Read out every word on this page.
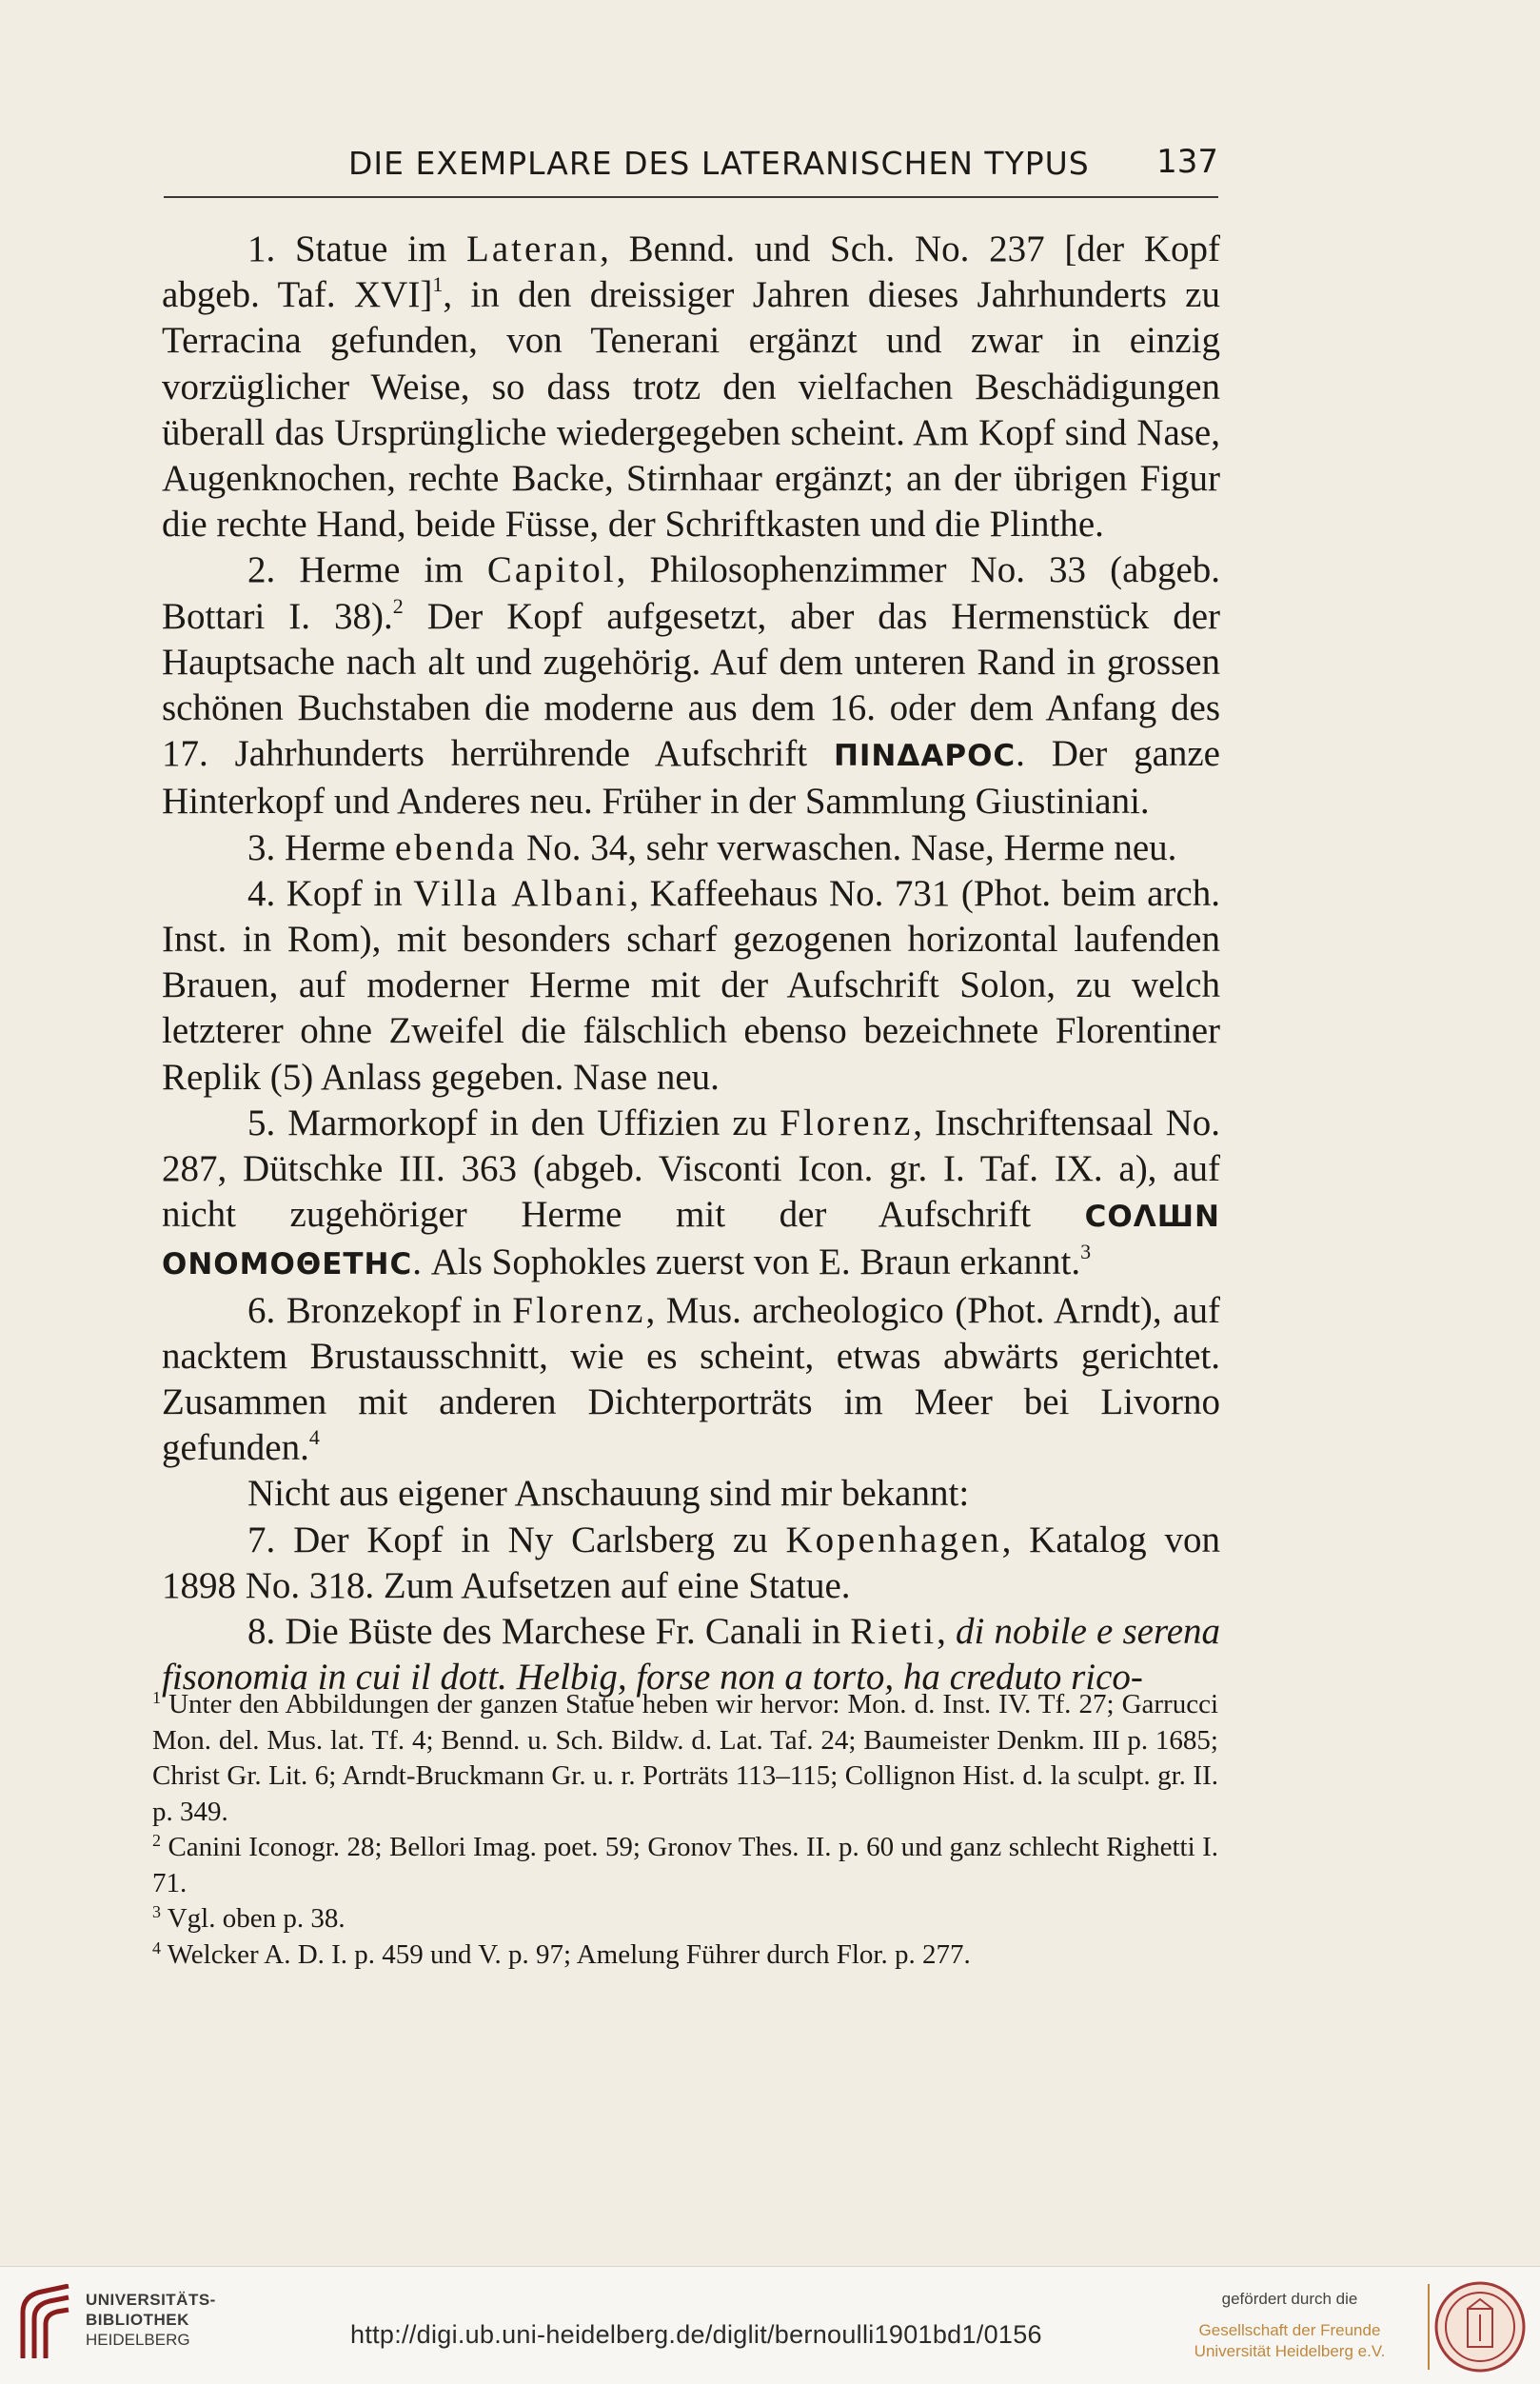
DIE EXEMPLARE DES LATERANISCHEN TYPUS 137

1. Statue im Lateran, Bennd. und Sch. No. 237 [der Kopf abgeb. Taf. XVI]$^1$, in den dreissiger Jahren dieses Jahrhunderts zu Terracina gefunden, von Tenerani ergänzt und zwar in einzig vorzüglicher Weise, so dass trotz den vielfachen Beschädigungen überall das Ursprüngliche wiedergegeben scheint. Am Kopf sind Nase, Augenknochen, rechte Backe, Stirnhaar ergänzt; an der übrigen Figur die rechte Hand, beide Füsse, der Schriftkasten und die Plinthe.

2. Herme im Capitol, Philosophenzimmer No. 33 (abgeb. Bottari I. 38).$^2$ Der Kopf aufgesetzt, aber das Hermenstück der Hauptsache nach alt und zugehörig. Auf dem unteren Rand in grossen schönen Buchstaben die moderne aus dem 16. oder dem Anfang des 17. Jahrhunderts herrührende Aufschrift ΠΙΝΔΑΡΟC. Der ganze Hinterkopf und Anderes neu. Früher in der Sammlung Giustiniani.

3. Herme ebenda No. 34, sehr verwaschen. Nase, Herme neu.

4. Kopf in Villa Albani, Kaffeehaus No. 731 (Phot. beim arch. Inst. in Rom), mit besonders scharf gezogenen horizontal laufenden Brauen, auf moderner Herme mit der Aufschrift Solon, zu welch letzterer ohne Zweifel die fälschlich ebenso bezeichnete Florentiner Replik (5) Anlass gegeben. Nase neu.

5. Marmorkopf in den Uffizien zu Florenz, Inschriftensaal No. 287, Dütschke III. 363 (abgeb. Visconti Icon. gr. I. Taf. IX. a), auf nicht zugehöriger Herme mit der Aufschrift ϹΟΛШΝ ΟΝΟΜΟΘΕΤΗϹ. Als Sophokles zuerst von E. Braun erkannt.$^3$

6. Bronzekopf in Florenz, Mus. archeologico (Phot. Arndt), auf nacktem Brustausschnitt, wie es scheint, etwas abwärts gerichtet. Zusammen mit anderen Dichterporträts im Meer bei Livorno gefunden.$^4$

Nicht aus eigener Anschauung sind mir bekannt:

7. Der Kopf in Ny Carlsberg zu Kopenhagen, Katalog von 1898 No. 318. Zum Aufsetzen auf eine Statue.

8. Die Büste des Marchese Fr. Canali in Rieti, di nobile e serena fisonomia in cui il dott. Helbig, forse non a torto, ha creduto rico-

$^1$ Unter den Abbildungen der ganzen Statue heben wir hervor: Mon. d. Inst. IV. Tf. 27; Garrucci Mon. del. Mus. lat. Tf. 4; Bennd. u. Sch. Bildw. d. Lat. Taf. 24; Baumeister Denkm. III p. 1685; Christ Gr. Lit. 6; Arndt-Bruckmann Gr. u. r. Porträts 113–115; Collignon Hist. d. la sculpt. gr. II. p. 349.

$^2$ Canini Iconogr. 28; Bellori Imag. poet. 59; Gronov Thes. II. p. 60 und ganz schlecht Righetti I. 71.

$^3$ Vgl. oben p. 38.

$^4$ Welcker A. D. I. p. 459 und V. p. 97; Amelung Führer durch Flor. p. 277.

UNIVERSITÄTS-
BIBLIOTHEK
HEIDELBERG	http://digi.ub.uni-heidelberg.de/diglit/bernoulli1901bd1/0156
gefördert durch die
Gesellschaft der Freunde
Universität Heidelberg e.V.
